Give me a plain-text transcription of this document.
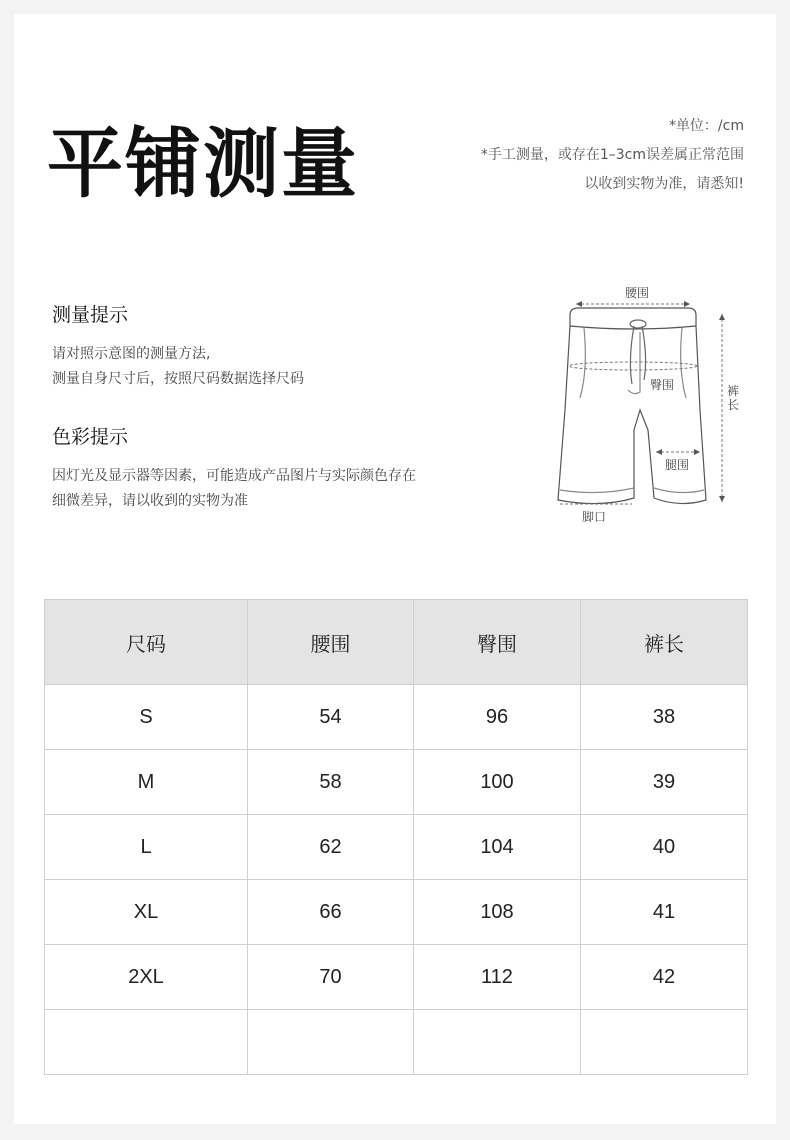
平铺测量	*单位：/cm
*手工测量，或存在1–3cm误差属正常范围
以收到实物为准，请悉知!
测量提示

请对照示意图的测量方法,

测量自身尺寸后，按照尺码数据选择尺码

色彩提示

因灯光及显示器等因素，可能造成产品图片与实际颜色存在

细微差异，请以收到的实物为准

腰围
臀围
腿围
脚口
裤长
尺码	腰围	臀围	裤长
S	54	96	38
M	58	100	39
L	62	104	40
XL	66	108	41
2XL	70	112	42
